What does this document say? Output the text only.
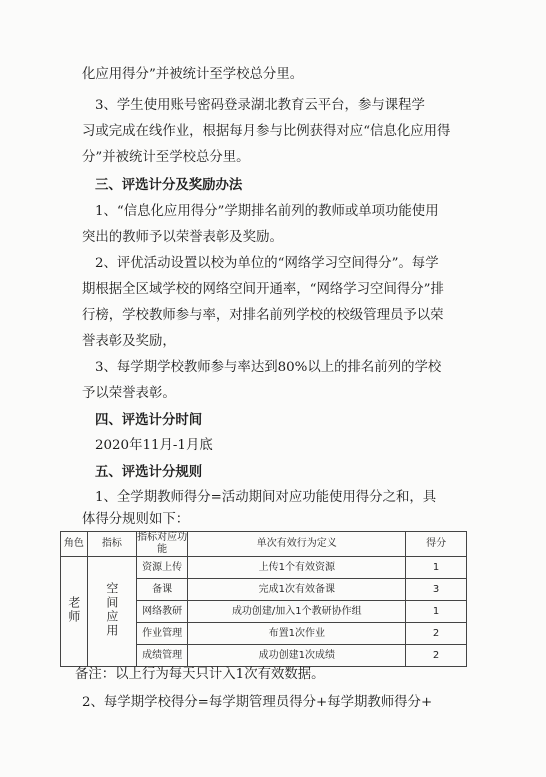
化应用得分”并被统计至学校总分里。
3、学生使用账号密码登录湖北教育云平台，参与课程学
习或完成在线作业，根据每月参与比例获得对应“信息化应用得
分”并被统计至学校总分里。
三、评选计分及奖励办法
1、“信息化应用得分”学期排名前列的教师或单项功能使用
突出的教师予以荣誉表彰及奖励。
2、评优活动设置以校为单位的“网络学习空间得分”。每学
期根据全区域学校的网络空间开通率，“网络学习空间得分”排
行榜，学校教师参与率，对排名前列学校的校级管理员予以荣
誉表彰及奖励，
3、每学期学校教师参与率达到80%以上的排名前列的学校
予以荣誉表彰。
四、评选计分时间
2020年11月-1月底
五、评选计分规则
1、全学期教师得分=活动期间对应功能使用得分之和，具
体得分规则如下：
角色	指标	指标对应功能	单次有效行为定义	得分
老师	空间应用	资源上传	上传1个有效资源	1
		备课	完成1次有效备课	3
		网络教研	成功创建/加入1个教研协作组	1
		作业管理	布置1次作业	2
		成绩管理	成功创建1次成绩	2
备注：以上行为每天只计入1次有效数据。
2、每学期学校得分=每学期管理员得分+每学期教师得分+
